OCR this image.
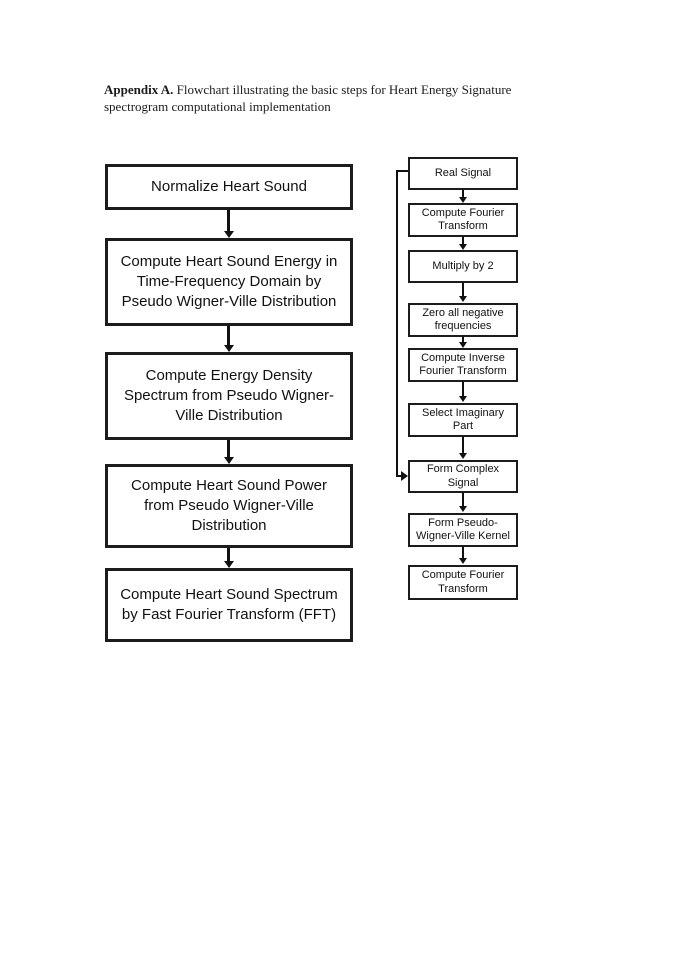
Appendix A. Flowchart illustrating the basic steps for Heart Energy Signature spectrogram computational implementation

Normalize Heart Sound
Compute Heart Sound Energy in Time-Frequency Domain by Pseudo Wigner-Ville Distribution
Compute Energy Density Spectrum from Pseudo Wigner-Ville Distribution
Compute Heart Sound Power from Pseudo Wigner-Ville Distribution
Compute Heart Sound Spectrum by Fast Fourier Transform (FFT)
Real Signal
Compute Fourier Transform
Multiply by 2
Zero all negative frequencies
Compute Inverse Fourier Transform
Select Imaginary Part
Form Complex Signal
Form Pseudo-Wigner-Ville Kernel
Compute Fourier Transform
